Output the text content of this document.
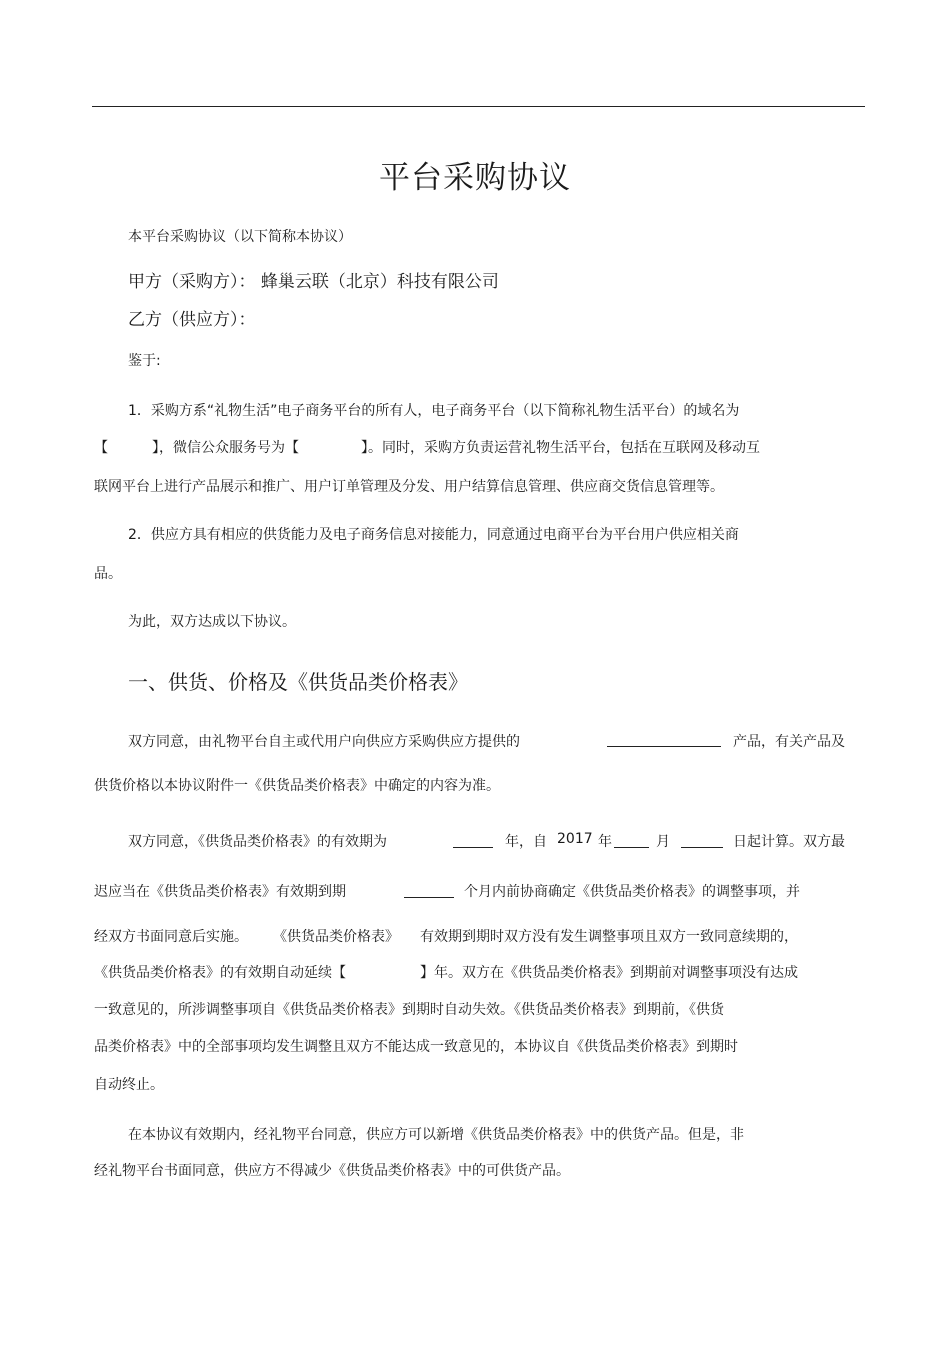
平台采购协议
本平台采购协议（以下简称本协议）
甲方（采购方）： 蜂巢云联（北京）科技有限公司
乙方（供应方）：
鉴于:
1．采购方系“礼物生活”电子商务平台的所有人，电子商务平台（以下简称礼物生活平台）的域名为
【	】，微信公众服务号为【	】。同时，采购方负责运营礼物生活平台，包括在互联网及移动互
联网平台上进行产品展示和推广、用户订单管理及分发、用户结算信息管理、供应商交货信息管理等。
2．供应方具有相应的供货能力及电子商务信息对接能力，同意通过电商平台为平台用户供应相关商
品。
为此，双方达成以下协议。
一、供货、价格及《供货品类价格表》
双方同意，由礼物平台自主或代用户向供应方采购供应方提供的	产品，有关产品及
供货价格以本协议附件一《供货品类价格表》中确定的内容为准。
双方同意，《供货品类价格表》的有效期为	年，自 2017 年	月	日起计算。双方最
迟应当在《供货品类价格表》有效期到期	个月内前协商确定《供货品类价格表》的调整事项，并
经双方书面同意后实施。 《供货品类价格表》 有效期到期时双方没有发生调整事项且双方一致同意续期的，
《供货品类价格表》的有效期自动延续【	】年。双方在《供货品类价格表》到期前对调整事项没有达成
一致意见的，所涉调整事项自《供货品类价格表》到期时自动失效。《供货品类价格表》到期前，《供货
品类价格表》中的全部事项均发生调整且双方不能达成一致意见的，本协议自《供货品类价格表》到期时
自动终止。
在本协议有效期内，经礼物平台同意，供应方可以新增《供货品类价格表》中的供货产品。但是，非
经礼物平台书面同意，供应方不得减少《供货品类价格表》中的可供货产品。
